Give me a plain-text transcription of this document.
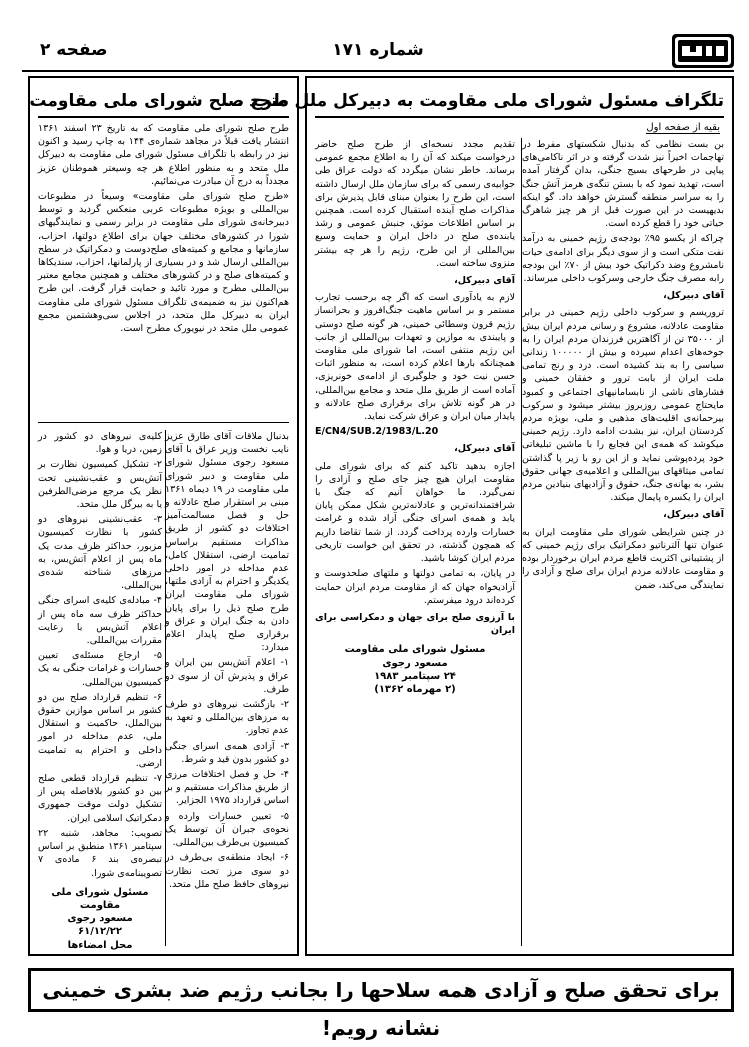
شماره ۱۷۱
صفحه ۲
تلگراف مسئول شورای ملی مقاومت به دبیرکل ملل متحد ...
بقیه از صفحه اول

بن بست نظامی که بدنبال شکستهای مفرط در تهاجمات اخیراً نیز شدت گرفته و در اثر ناکامی‌های پیاپی در طرحهای بسیج جنگی، بدان گرفتار آمده است، تهدید نمود که با بستن تنگه‌ی هرمز آتش جنگ را به سراسر منطقه گسترش خواهد داد. گو اینکه بدیهیست در این صورت قبل از هر چیز شاهرگ حیاتی خود را قطع کرده است.

چراکه از یکسو ۹۵٪ بودجه‌ی رژیم خمینی به درآمد نفت متکی است و از سوی دیگر برای ادامه‌ی حیات نامشروع وضد دکراتیک خود بیش از ۷۰٪ این بودجه رابه مصرف جنگ خارجی وسرکوب داخلی میرساند.

آقای دبیرکل،

تروریسم و سرکوب داخلی رژیم خمینی در برابر مقاومت عادلانه، مشروع و رسانی مردم ایران بیش از ۳۵۰۰۰ تن از آگاهترین فرزندان مردم ایران را به جوخه‌های اعدام سپرده و بیش از ۱۰۰۰۰۰ زندانی سیاسی را به بند کشیده است. درد و رنج تمامی ملت ایران از بابت ترور و خفقان خمینی و فشارهای ناشی از نابسامانیهای اجتماعی و کمبود مایحتاج عمومی روزبروز بیشتر میشود و سرکوب بیرحمانه‌ی اقلیت‌های مذهبی و ملی، بویژه مردم کردستان ایران، نیز بشدت ادامه دارد. رژیم خمینی میکوشد که همه‌ی این فجایع را با ماشین تبلیغاتی خود پرده‌پوشی نماید و از این رو با زیر پا گذاشتن تمامی میثاقهای بین‌المللی و اعلامیه‌ی جهانی حقوق بشر، به بهانه‌ی جنگ، حقوق و آزادیهای بنیادین مردم ایران را یکسره پایمال میکند.

آقای دبیرکل،

در چنین شرایطی شورای ملی مقاومت ایران به عنوان تنها آلترناتیو دمکراتیک برای رژیم خمینی که از پشتیبانی اکثریت قاطع مردم ایران برخوردار بوده و مقاومت عادلانه مردم ایران برای صلح و آزادی را نمایندگی می‌کند، ضمن

تقدیم مجدد نسخه‌ای از طرح صلح حاضر درخواست میکند که آن را به اطلاع مجمع عمومی برساند. خاطر نشان میگردد که دولت عراق طی جوابیه‌ی رسمی که برای سازمان ملل ارسال داشته است، این طرح را بعنوان مبنای قابل پذیرش برای مذاکرات صلح آینده استقبال کرده است. همچنین بر اساس اطلاعات موثق، جنبش عمومی و رشد یابنده‌ی صلح در داخل ایران و حمایت وسیع بین‌المللی از این طرح، رژیم را هر چه بیشتر منزوی ساخته است.

آقای دبیرکل،

لازم به یادآوری است که اگر چه برحسب تجارب مستمر و بر اساس ماهیت جنگ‌افروز و بحرانساز رژیم قرون وسطائی خمینی، هر گونه صلح دوستی و پایبندی به موازین و تعهدات بین‌المللی از جانب این رژیم منتفی است، اما شورای ملی مقاومت همچنانکه بارها اعلام کرده است، به منظور اثبات حسن نیت خود و جلوگیری از ادامه‌ی خونریزی، آماده است از طریق ملل متحد و مجامع بین‌المللی، در هر گونه تلاش برای برقراری صلح عادلانه و پایدار میان ایران و عراق شرکت نماید.

E/CN4/SUB.2/1983/L.20

آقای دبیرکل،

اجازه بدهید تاکید کنم که برای شورای ملی مقاومت ایران هیچ چیز جای صلح و آزادی را نمی‌گیرد. ما خواهان آنیم که جنگ با شرافتمندانه‌ترین و عادلانه‌ترین شکل ممکن پایان یابد و همه‌ی اسرای جنگی آزاد شده و غرامت خسارات وارده پرداخت گردد. از شما تقاضا داریم که همچون گذشته، در تحقق این خواست تاریخی مردم ایران کوشا باشید.

در پایان، به تمامی دولتها و ملتهای صلحدوست و آزادیخواه جهان که از مقاومت مردم ایران حمایت کرده‌اند درود میفرستم.

با آرزوی صلح برای جهان و دمکراسی برای ایران

مسئول شورای ملی مقاومت
مسعود رجوی
۲۴ سپتامبر ۱۹۸۳
(۲ مهرماه ۱۳۶۲)
طرح صلح شورای ملی مقاومت

طرح صلح شورای ملی مقاومت که به تاریخ ۲۳ اسفند ۱۳۶۱ انتشار یافت قبلاً در مجاهد شماره‌ی ۱۴۴ به چاپ رسید و اکنون نیز در رابطه با تلگراف مسئول شورای ملی مقاومت به دبیرکل ملل متحد و به منظور اطلاع هر چه وسیعتر هموطنان عزیز مجدداً به درج آن مبادرت می‌نمائیم.

«طرح صلح شورای ملی مقاومت» وسیعاً در مطبوعات بین‌المللی و بویژه مطبوعات عربی منعکس گردید و توسط دبیرخانه‌ی شورای ملی مقاومت در برابر رسمی و نمایندگیهای شورا در کشورهای مختلف جهان برای اطلاع دولتها، احزاب، سازمانها و مجامع و کمیته‌های صلح‌دوست و دمکراتیک در سطح بین‌المللی ارسال شد و در بسیاری از پارلمانها، احزاب، سندیکاها و کمیته‌های صلح و در کشورهای مختلف و همچنین مجامع معتبر بین‌المللی مطرح و مورد تائید و حمایت قرار گرفت. این طرح هم‌اکنون نیز به ضمیمه‌ی تلگراف مسئول شورای ملی مقاومت ایران به دبیرکل ملل متحد، در اجلاس سی‌وهشتمین مجمع عمومی ملل متحد در نیویورک مطرح است.

بدنبال ملاقات آقای طارق عزیز نایب نخست وزیر عراق با آقای مسعود رجوی مسئول شورای ملی مقاومت و دبیر شورای ملی مقاومت در ۱۹ دیماه ۱۳۶۱ مبنی بر استقرار صلح عادلانه و حل و فصل مسالمت‌آمیز اختلافات دو کشور از طریق مذاکرات مستقیم براساس تمامیت ارضی، استقلال کامل، عدم مداخله در امور داخلی یکدیگر و احترام به آزادی ملتها، شورای ملی مقاومت ایران طرح صلح ذیل را برای پایان دادن به جنگ ایران و عراق و برقراری صلح پایدار اعلام میدارد:

۱- اعلام آتش‌بس بین ایران و عراق و پذیرش آن از سوی دو طرف.

۲- بازگشت نیروهای دو طرف به مرزهای بین‌المللی و تعهد به عدم تجاوز.

۳- آزادی همه‌ی اسرای جنگی دو کشور بدون قید و شرط.

۴- حل و فصل اختلافات مرزی از طریق مذاکرات مستقیم و بر اساس قرارداد ۱۹۷۵ الجزایر.

۵- تعیین خسارات وارده و نحوه‌ی جبران آن توسط یک کمیسیون بی‌طرف بین‌المللی.

۶- ایجاد منطقه‌ی بی‌طرف در دو سوی مرز تحت نظارت نیروهای حافظ صلح ملل متحد.

کلیه‌ی نیروهای دو کشور در زمین، دریا و هوا.

۲- تشکیل کمیسیون نظارت بر آتش‌بس و عقب‌نشینی تحت نظر یک مرجع مرضی‌الطرفین یا به بیرگل ملل متحد.

۳- عقب‌نشینی نیروهای دو کشور با نظارت کمیسیون مزبور، حداکثر ظرف مدت یک ماه پس از اعلام آتش‌بس، به مرزهای شناخته شده‌ی بین‌المللی.

۴- مبادله‌ی کلیه‌ی اسرای جنگی حداکثر ظرف سه ماه پس از اعلام آتش‌بس با رعایت مقررات بین‌المللی.

۵- ارجاع مسئله‌ی تعیین خسارات و غرامات جنگی به یک کمیسیون بین‌المللی.

۶- تنظیم قرارداد صلح بین دو کشور بر اساس موازین حقوق بین‌الملل، حاکمیت و استقلال ملی، عدم مداخله در امور داخلی و احترام به تمامیت ارضی.

۷- تنظیم قرارداد قطعی صلح بین دو کشور بلافاصله پس از تشکیل دولت موقت جمهوری دمکراتیک اسلامی ایران.

تصویب: مجاهد، شنبه ۲۲ سپتامبر ۱۳۶۱ منطبق بر اساس تبصره‌ی بند ۶ ماده‌ی ۷ تصویبنامه‌ی شورا.

مسئول شورای ملی مقاومت
مسعود رجوی
۶۱/۱۲/۲۲
محل امضاءها
برای تحقق صلح و آزادی همه سلاحها را بجانب رژیم ضد بشری خمینی نشانه رویم!
